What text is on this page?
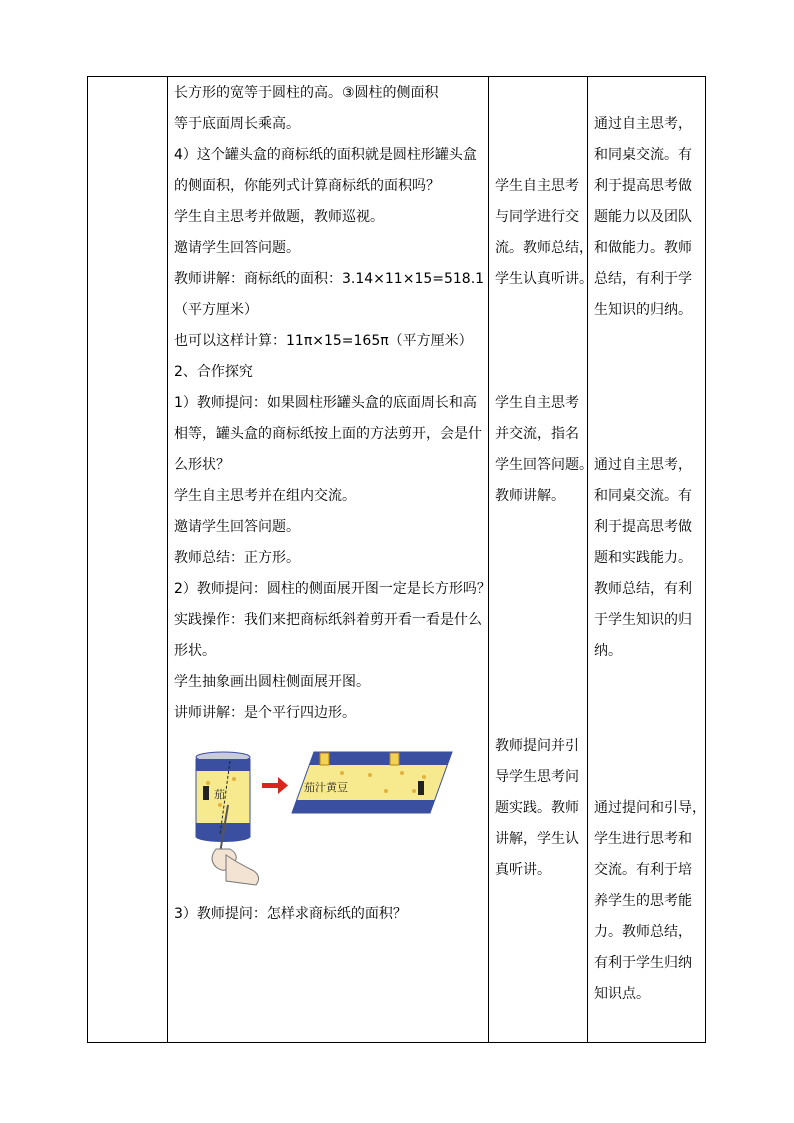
长方形的宽等于圆柱的高。③圆柱的侧面积
等于底面周长乘高。
4）这个罐头盒的商标纸的面积就是圆柱形罐头盒
的侧面积，你能列式计算商标纸的面积吗？
学生自主思考并做题，教师巡视。
邀请学生回答问题。
教师讲解：商标纸的面积：3.14×11×15=518.1
（平方厘米）
也可以这样计算：11π×15=165π（平方厘米）
2、合作探究
1）教师提问：如果圆柱形罐头盒的底面周长和高
相等，罐头盒的商标纸按上面的方法剪开，会是什
么形状？
学生自主思考并在组内交流。
邀请学生回答问题。
教师总结：正方形。
2）教师提问：圆柱的侧面展开图一定是长方形吗？
实践操作：我们来把商标纸斜着剪开看一看是什么
形状。
学生抽象画出圆柱侧面展开图。
讲师讲解：是个平行四边形。
茄
茄汁黄豆
3）教师提问：怎样求商标纸的面积？
学生自主思考
与同学进行交
流。教师总结，
学生认真听讲。
学生自主思考
并交流，指名
学生回答问题。
教师讲解。
教师提问并引
导学生思考问
题实践。教师
讲解，学生认
真听讲。
通过自主思考，
和同桌交流。有
利于提高思考做
题能力以及团队
和做能力。教师
总结，有利于学
生知识的归纳。
通过自主思考，
和同桌交流。有
利于提高思考做
题和实践能力。
教师总结，有利
于学生知识的归
纳。
通过提问和引导，
学生进行思考和
交流。有利于培
养学生的思考能
力。教师总结，
有利于学生归纳
知识点。
